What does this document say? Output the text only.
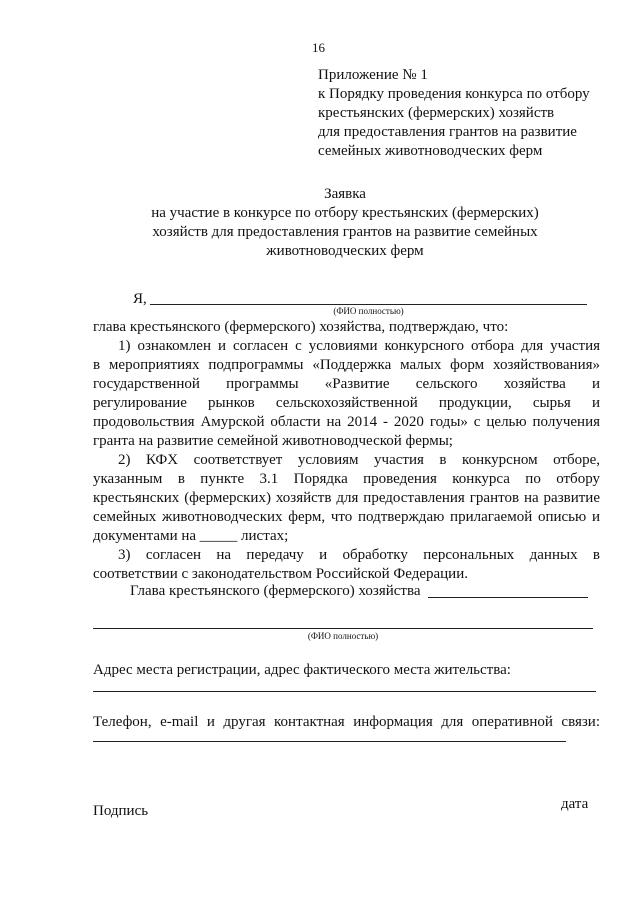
16
Приложение № 1
к Порядку проведения конкурса по отбору
крестьянских (фермерских) хозяйств
для предоставления грантов на развитие
семейных животноводческих ферм
Заявка
на участие в конкурсе по отбору крестьянских (фермерских)
хозяйств для предоставления грантов на развитие семейных
животноводческих ферм
Я,
(ФИО полностью)
глава крестьянского (фермерского) хозяйства, подтверждаю, что:
1) ознакомлен и согласен с условиями конкурсного отбора для участия
в мероприятиях подпрограммы «Поддержка малых форм хозяйствования»
государственной программы «Развитие сельского хозяйства и
регулирование рынков сельскохозяйственной продукции, сырья и
продовольствия Амурской области на 2014 - 2020 годы» с целью получения
гранта на развитие семейной животноводческой фермы;
2) КФХ соответствует условиям участия в конкурсном отборе,
указанным в пункте 3.1 Порядка проведения конкурса по отбору
крестьянских (фермерских) хозяйств для предоставления грантов на развитие
семейных животноводческих ферм, что подтверждаю прилагаемой описью и
документами на _____ листах;
3) согласен на передачу и обработку персональных данных в
соответствии с законодательством Российской Федерации.
Глава крестьянского (фермерского) хозяйства
(ФИО полностью)
Адрес места регистрации, адрес фактического места жительства:
Телефон, e-mail и другая контактная информация для оперативной связи:
Подпись	дата
